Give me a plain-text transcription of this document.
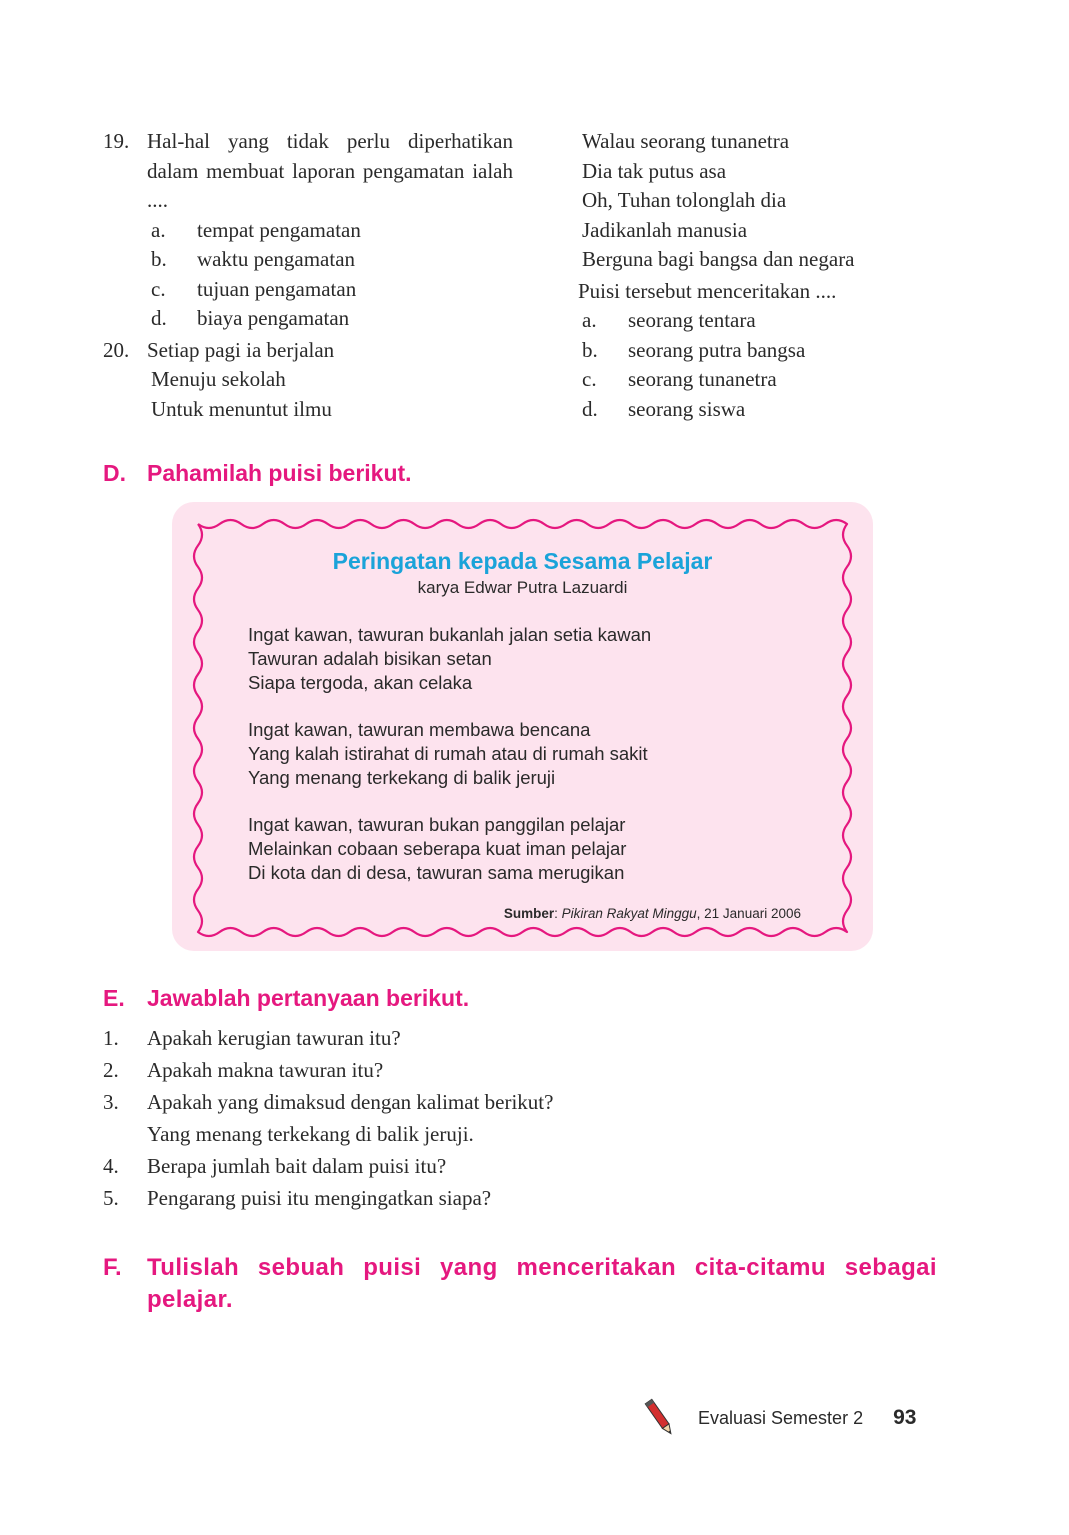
19. Hal-hal yang tidak perlu diperhatikan dalam membuat laporan pengamatan ialah ....
a.	tempat pengamatan
b.	waktu pengamatan
c.	tujuan pengamatan
d.	biaya pengamatan
20. Setiap pagi ia berjalan
Menuju sekolah
Untuk menuntut ilmu
Walau seorang tunanetra
Dia tak putus asa
Oh, Tuhan tolonglah dia
Jadikanlah manusia
Berguna bagi bangsa dan negara
Puisi tersebut menceritakan ....
a.	seorang tentara
b.	seorang putra bangsa
c.	seorang tunanetra
d.	seorang siswa
D. Pahamilah puisi berikut.
Peringatan kepada Sesama Pelajar
karya Edwar Putra Lazuardi
Ingat kawan, tawuran bukanlah jalan setia kawan
Tawuran adalah bisikan setan
Siapa tergoda, akan celaka
Ingat kawan, tawuran membawa bencana
Yang kalah istirahat di rumah atau di rumah sakit
Yang menang terkekang di balik jeruji
Ingat kawan, tawuran bukan panggilan pelajar
Melainkan cobaan seberapa kuat iman pelajar
Di kota dan di desa, tawuran sama merugikan
Sumber: Pikiran Rakyat Minggu, 21 Januari 2006
E. Jawablah pertanyaan berikut.
1.	Apakah kerugian tawuran itu?
2.	Apakah makna tawuran itu?
3.	Apakah yang dimaksud dengan kalimat berikut?
Yang menang terkekang di balik jeruji.
4.	Berapa jumlah bait dalam puisi itu?
5.	Pengarang puisi itu mengingatkan siapa?
F.	Tulislah sebuah puisi yang menceritakan cita-citamu sebagai pelajar.
Evaluasi Semester 2 93
